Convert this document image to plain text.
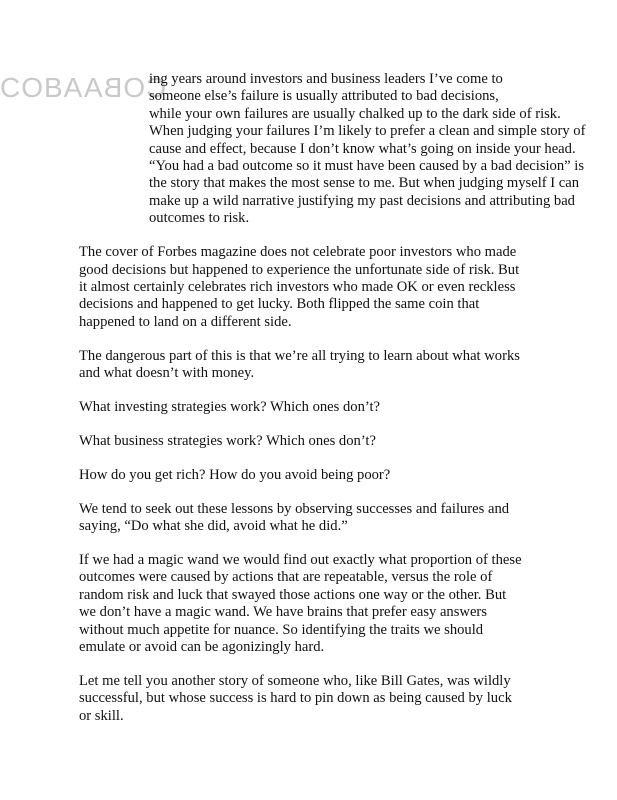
COBACOBA

ing years around investors and business leaders I’ve come to
someone else’s failure is usually attributed to bad decisions,
while your own failures are usually chalked up to the dark side of risk.
When judging your failures I’m likely to prefer a clean and simple story of
cause and effect, because I don’t know what’s going on inside your head.
“You had a bad outcome so it must have been caused by a bad decision” is
the story that makes the most sense to me. But when judging myself I can
make up a wild narrative justifying my past decisions and attributing bad
outcomes to risk.

The cover of Forbes magazine does not celebrate poor investors who made
good decisions but happened to experience the unfortunate side of risk. But
it almost certainly celebrates rich investors who made OK or even reckless
decisions and happened to get lucky. Both flipped the same coin that
happened to land on a different side.

The dangerous part of this is that we’re all trying to learn about what works
and what doesn’t with money.

What investing strategies work? Which ones don’t?

What business strategies work? Which ones don’t?

How do you get rich? How do you avoid being poor?

We tend to seek out these lessons by observing successes and failures and
saying, “Do what she did, avoid what he did.”

If we had a magic wand we would find out exactly what proportion of these
outcomes were caused by actions that are repeatable, versus the role of
random risk and luck that swayed those actions one way or the other. But
we don’t have a magic wand. We have brains that prefer easy answers
without much appetite for nuance. So identifying the traits we should
emulate or avoid can be agonizingly hard.

Let me tell you another story of someone who, like Bill Gates, was wildly
successful, but whose success is hard to pin down as being caused by luck
or skill.
